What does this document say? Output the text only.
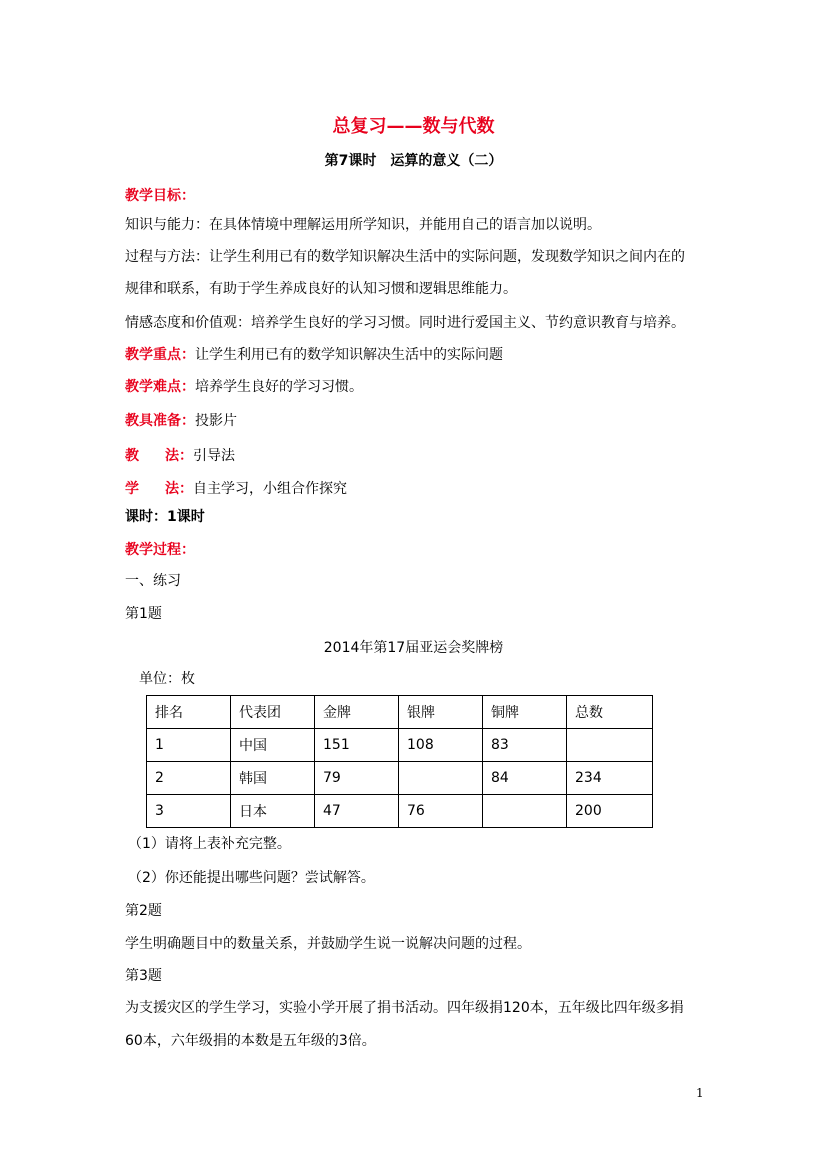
总复习——数与代数
第7课时　运算的意义（二）
教学目标：
知识与能力：在具体情境中理解运用所学知识，并能用自己的语言加以说明。
过程与方法：让学生利用已有的数学知识解决生活中的实际问题，发现数学知识之间内在的
规律和联系，有助于学生养成良好的认知习惯和逻辑思维能力。
情感态度和价值观：培养学生良好的学习习惯。同时进行爱国主义、节约意识教育与培养。
教学重点：让学生利用已有的数学知识解决生活中的实际问题
教学难点：培养学生良好的学习习惯。
教具准备：投影片
教 法：引导法
学 法：自主学习，小组合作探究
课时：1课时
教学过程：
一、练习
第1题
2014年第17届亚运会奖牌榜
单位：枚
排名	代表团	金牌	银牌	铜牌	总数
1	中国	151	108	83	
2	韩国	79		84	234
3	日本	47	76		200
（1）请将上表补充完整。
（2）你还能提出哪些问题？尝试解答。
第2题
学生明确题目中的数量关系，并鼓励学生说一说解决问题的过程。
第3题
为支援灾区的学生学习，实验小学开展了捐书活动。四年级捐120本，五年级比四年级多捐
60本，六年级捐的本数是五年级的3倍。
1
